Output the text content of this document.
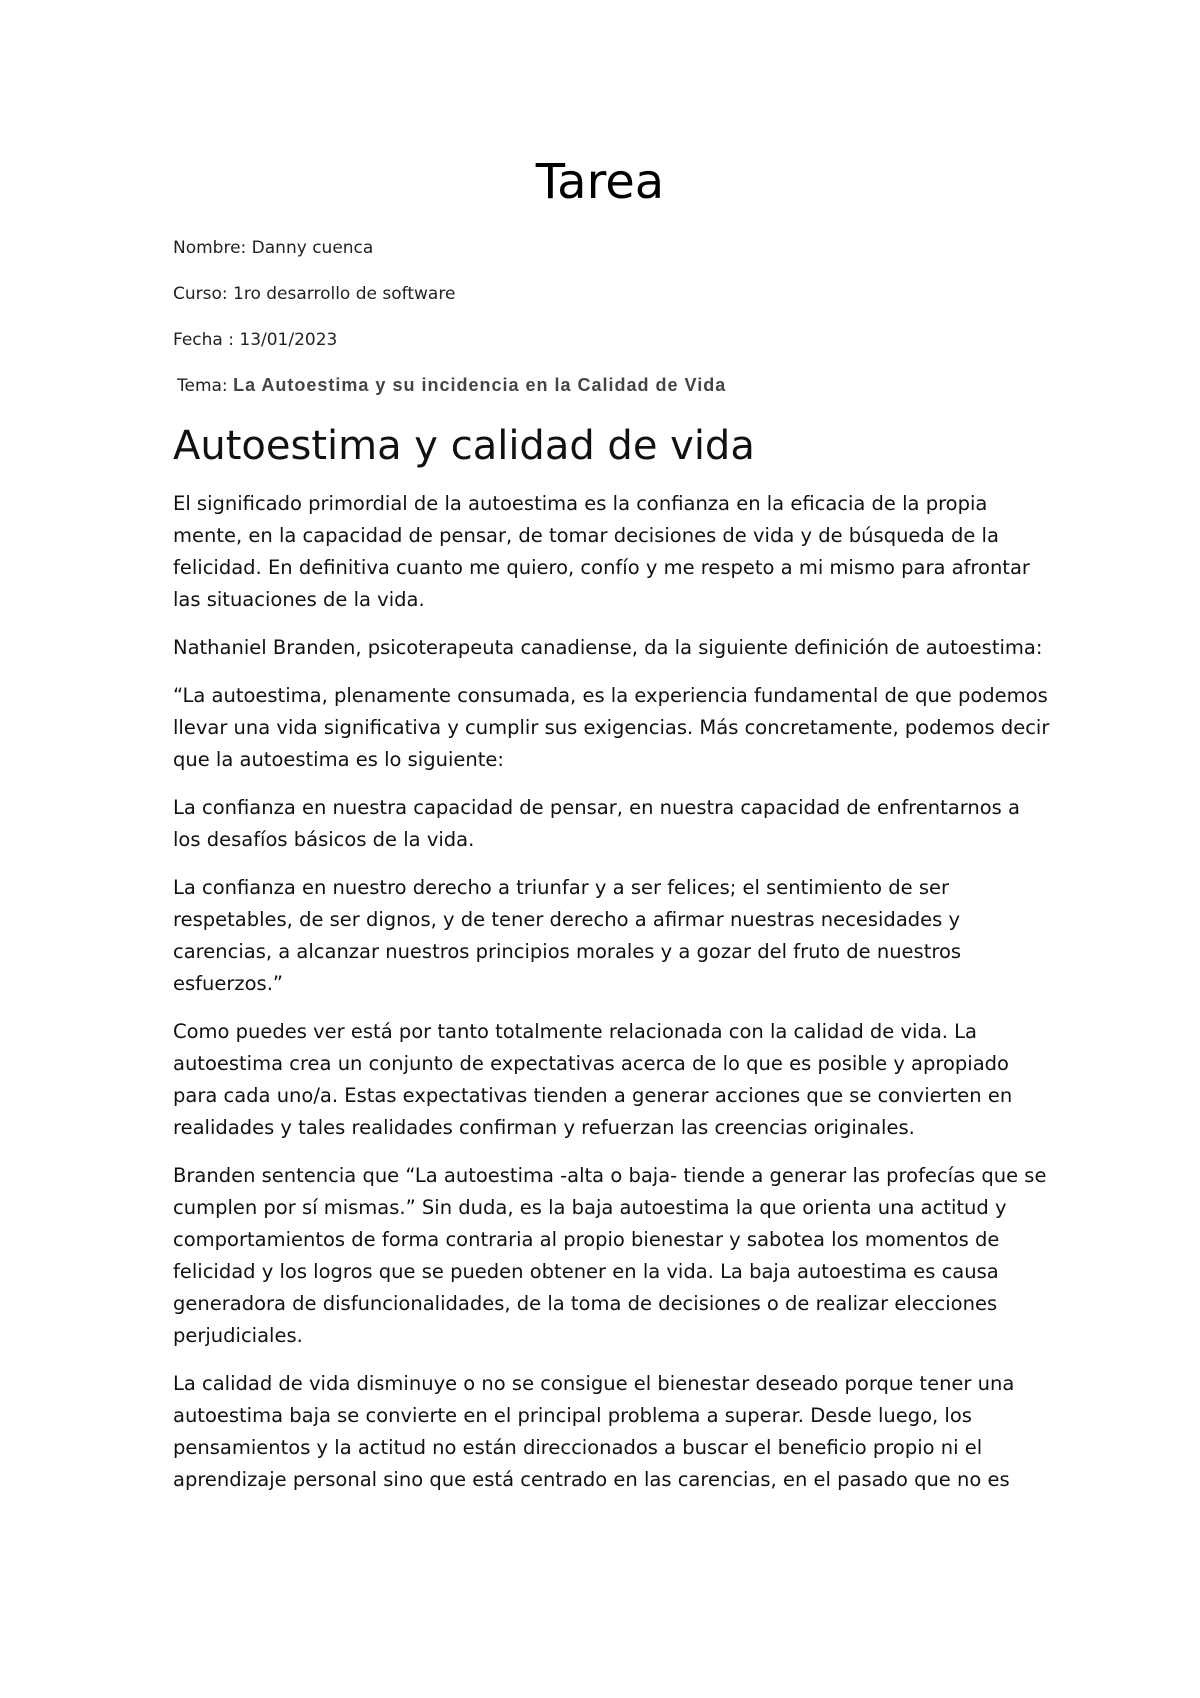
Tarea

Nombre: Danny cuenca

Curso: 1ro desarrollo de software

Fecha : 13/01/2023

Tema: La Autoestima y su incidencia en la Calidad de Vida

Autoestima y calidad de vida

El significado primordial de la autoestima es la confianza en la eficacia de la propia mente, en la capacidad de pensar, de tomar decisiones de vida y de búsqueda de la felicidad. En definitiva cuanto me quiero, confío y me respeto a mi mismo para afrontar las situaciones de la vida.

Nathaniel Branden, psicoterapeuta canadiense, da la siguiente definición de autoestima:

“La autoestima, plenamente consumada, es la experiencia fundamental de que podemos llevar una vida significativa y cumplir sus exigencias. Más concretamente, podemos decir que la autoestima es lo siguiente:

La confianza en nuestra capacidad de pensar, en nuestra capacidad de enfrentarnos a los desafíos básicos de la vida.

La confianza en nuestro derecho a triunfar y a ser felices; el sentimiento de ser respetables, de ser dignos, y de tener derecho a afirmar nuestras necesidades y carencias, a alcanzar nuestros principios morales y a gozar del fruto de nuestros esfuerzos.”

Como puedes ver está por tanto totalmente relacionada con la calidad de vida. La autoestima crea un conjunto de expectativas acerca de lo que es posible y apropiado para cada uno/a. Estas expectativas tienden a generar acciones que se convierten en realidades y tales realidades confirman y refuerzan las creencias originales.

Branden sentencia que “La autoestima -alta o baja- tiende a generar las profecías que se cumplen por sí mismas.” Sin duda, es la baja autoestima la que orienta una actitud y comportamientos de forma contraria al propio bienestar y sabotea los momentos de felicidad y los logros que se pueden obtener en la vida. La baja autoestima es causa generadora de disfuncionalidades, de la toma de decisiones o de realizar elecciones perjudiciales.

La calidad de vida disminuye o no se consigue el bienestar deseado porque tener una autoestima baja se convierte en el principal problema a superar. Desde luego, los pensamientos y la actitud no están direccionados a buscar el beneficio propio ni el aprendizaje personal sino que está centrado en las carencias, en el pasado que no es
